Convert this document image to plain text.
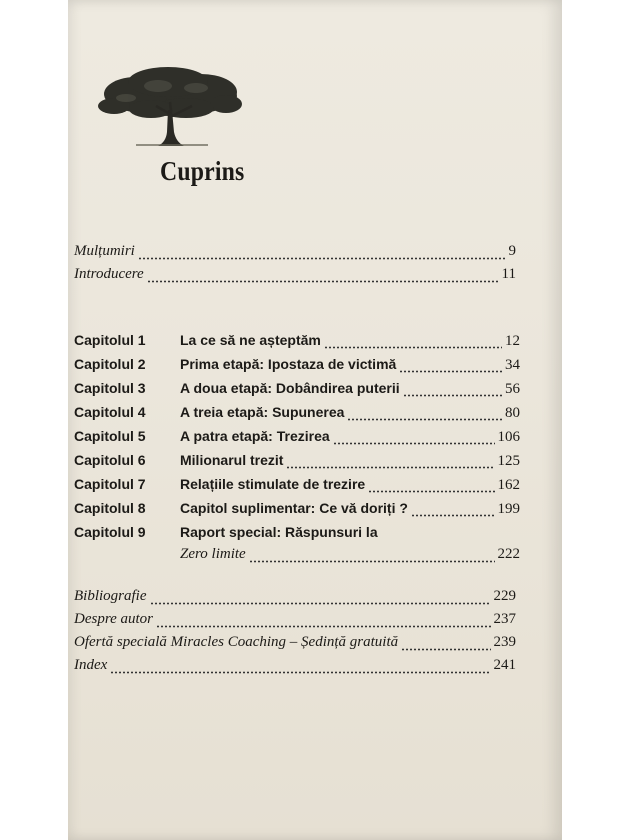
Cuprins
Mulțumiri	9
Introducere	11
Capitolul 1	La ce să ne așteptăm	12
Capitolul 2	Prima etapă: Ipostaza de victimă	34
Capitolul 3	A doua etapă: Dobândirea puterii	56
Capitolul 4	A treia etapă: Supunerea	80
Capitolul 5	A patra etapă: Trezirea	106
Capitolul 6	Milionarul trezit	125
Capitolul 7	Relațiile stimulate de trezire	162
Capitolul 8	Capitol suplimentar: Ce vă doriți ?	199
Capitolul 9	Raport special: Răspunsuri la
Zero limite	222
Bibliografie	229
Despre autor	237
Ofertă specială Miracles Coaching – Ședință gratuită	239
Index	241
